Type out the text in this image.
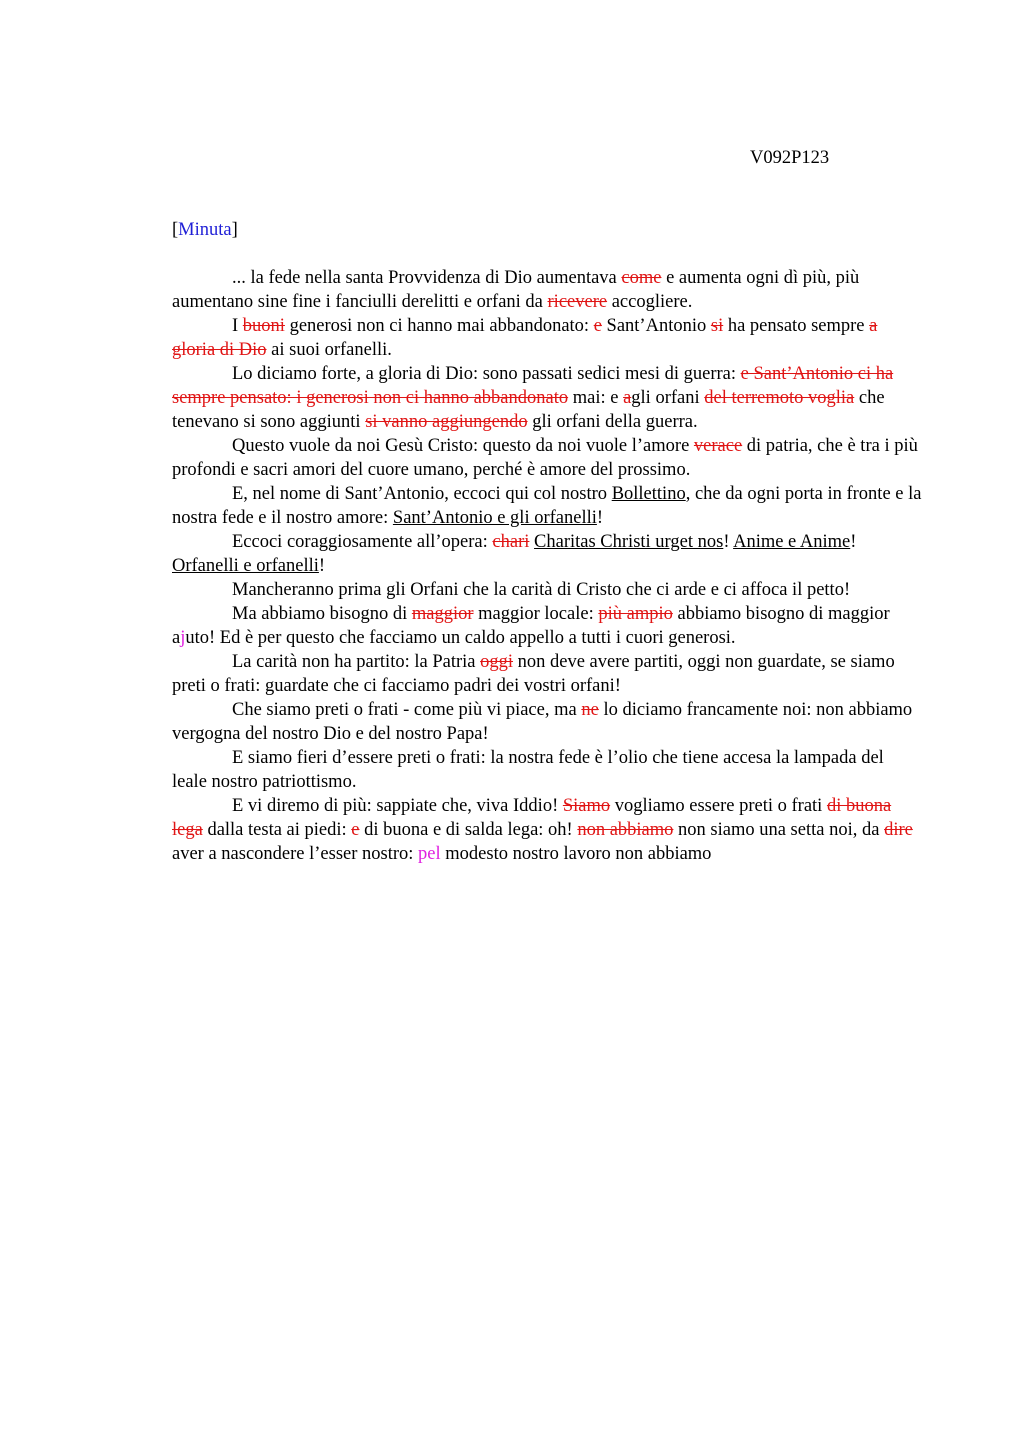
V092P123
[Minuta]

... la fede nella santa Provvidenza di Dio aumentava come e aumenta ogni dì più, più aumentano sine fine i fanciulli derelitti e orfani da ricevere accogliere.

I buoni generosi non ci hanno mai abbandonato: e Sant’Antonio si ha pensato sempre a gloria di Dio ai suoi orfanelli.

Lo diciamo forte, a gloria di Dio: sono passati sedici mesi di guerra: e Sant’Antonio ci ha sempre pensato: i generosi non ci hanno abbandonato mai: e agli orfani del terremoto voglia che tenevano si sono aggiunti si vanno aggiungendo gli orfani della guerra.

Questo vuole da noi Gesù Cristo: questo da noi vuole l’amore verace di patria, che è tra i più profondi e sacri amori del cuore umano, perché è amore del prossimo.

E, nel nome di Sant’Antonio, eccoci qui col nostro Bollettino, che da ogni porta in fronte e la nostra fede e il nostro amore: Sant’Antonio e gli orfanelli!

Eccoci coraggiosamente all’opera: chari Charitas Christi urget nos! Anime e Anime! Orfanelli e orfanelli!

Mancheranno prima gli Orfani che la carità di Cristo che ci arde e ci affoca il petto!

Ma abbiamo bisogno di maggior maggior locale: più ampio abbiamo bisogno di maggior ajuto! Ed è per questo che facciamo un caldo appello a tutti i cuori generosi.

La carità non ha partito: la Patria oggi non deve avere partiti, oggi non guardate, se siamo preti o frati: guardate che ci facciamo padri dei vostri orfani!

Che siamo preti o frati - come più vi piace, ma ne lo diciamo francamente noi: non abbiamo vergogna del nostro Dio e del nostro Papa!

E siamo fieri d’essere preti o frati: la nostra fede è l’olio che tiene accesa la lampada del leale nostro patriottismo.

E vi diremo di più: sappiate che, viva Iddio! Siamo vogliamo essere preti o frati di buona lega dalla testa ai piedi: e di buona e di salda lega: oh! non abbiamo non siamo una setta noi, da dire aver a nascondere l’esser nostro: pel modesto nostro lavoro non abbiamo
